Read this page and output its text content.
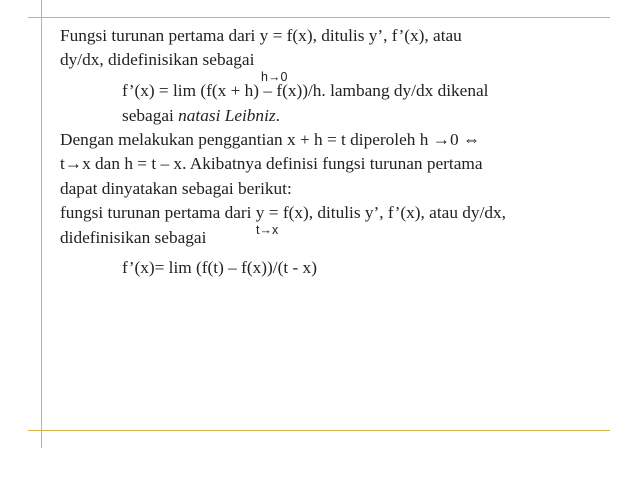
Fungsi turunan pertama dari y = f(x), ditulis y’, f’(x), atau
dy/dx, didefinisikan sebagai
h→0
f’(x) = lim (f(x + h) – f(x))/h. lambang dy/dx dikenal
sebagai natasi Leibniz.
Dengan melakukan penggantian x + h = t diperoleh h →0 ⇔
t→x dan h = t – x. Akibatnya definisi fungsi turunan pertama
dapat dinyatakan sebagai berikut:
fungsi turunan pertama dari y = f(x), ditulis y’, f’(x), atau dy/dx,
didefinisikan sebagai	t→x
f’(x)= lim (f(t) – f(x))/(t - x)
